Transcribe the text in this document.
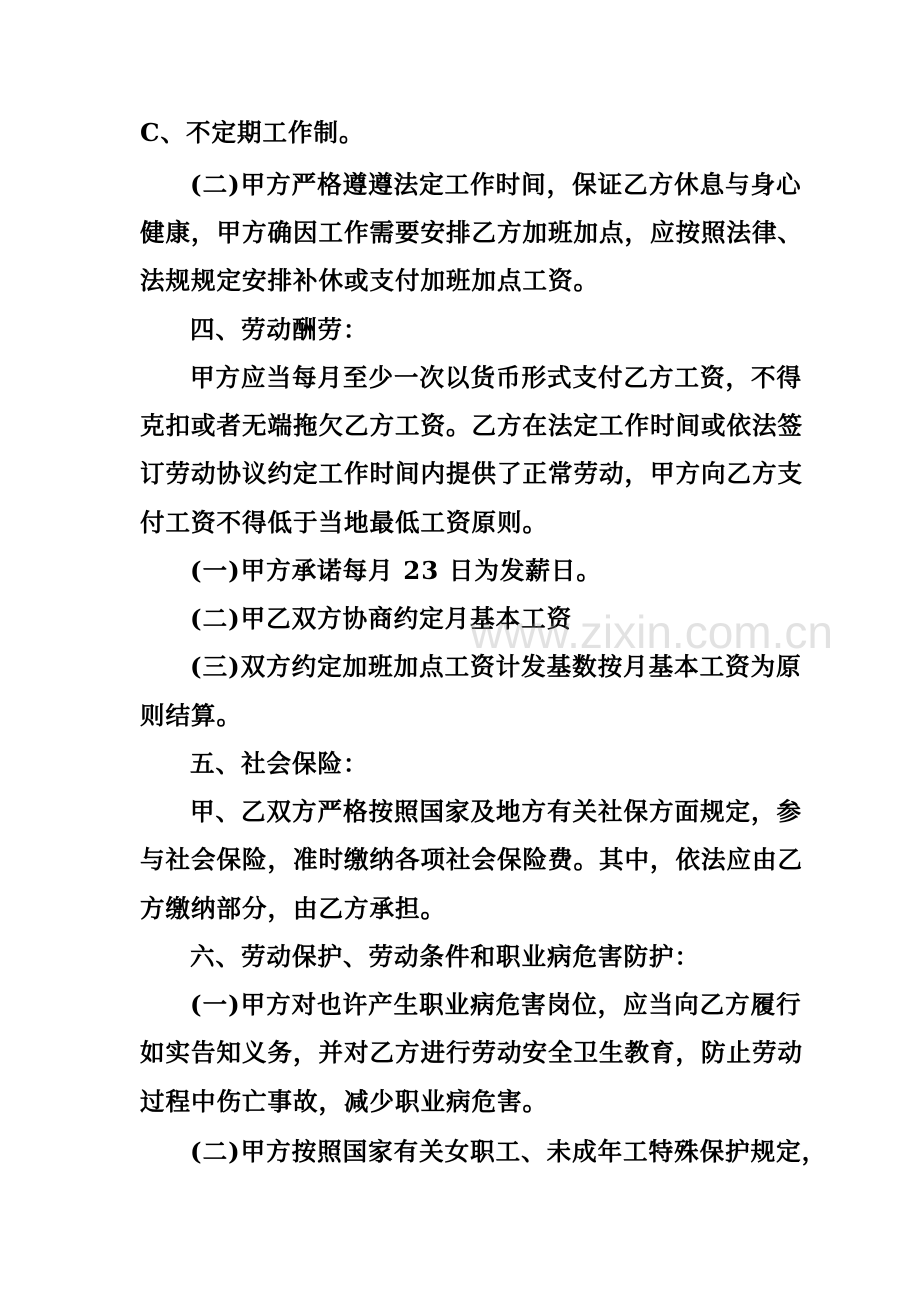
C、不定期工作制。
(二)甲方严格遵遵法定工作时间，保证乙方休息与身心
健康，甲方确因工作需要安排乙方加班加点，应按照法律、
法规规定安排补休或支付加班加点工资。
四、劳动酬劳：
甲方应当每月至少一次以货币形式支付乙方工资，不得
克扣或者无端拖欠乙方工资。乙方在法定工作时间或依法签
订劳动协议约定工作时间内提供了正常劳动，甲方向乙方支
付工资不得低于当地最低工资原则。
(一)甲方承诺每月 23 日为发薪日。
(二)甲乙双方协商约定月基本工资
(三)双方约定加班加点工资计发基数按月基本工资为原
则结算。
五、社会保险：
甲、乙双方严格按照国家及地方有关社保方面规定，参
与社会保险，准时缴纳各项社会保险费。其中，依法应由乙
方缴纳部分，由乙方承担。
六、劳动保护、劳动条件和职业病危害防护：
(一)甲方对也许产生职业病危害岗位，应当向乙方履行
如实告知义务，并对乙方进行劳动安全卫生教育，防止劳动
过程中伤亡事故，减少职业病危害。
(二)甲方按照国家有关女职工、未成年工特殊保护规定，
www.zixin.com.cn
